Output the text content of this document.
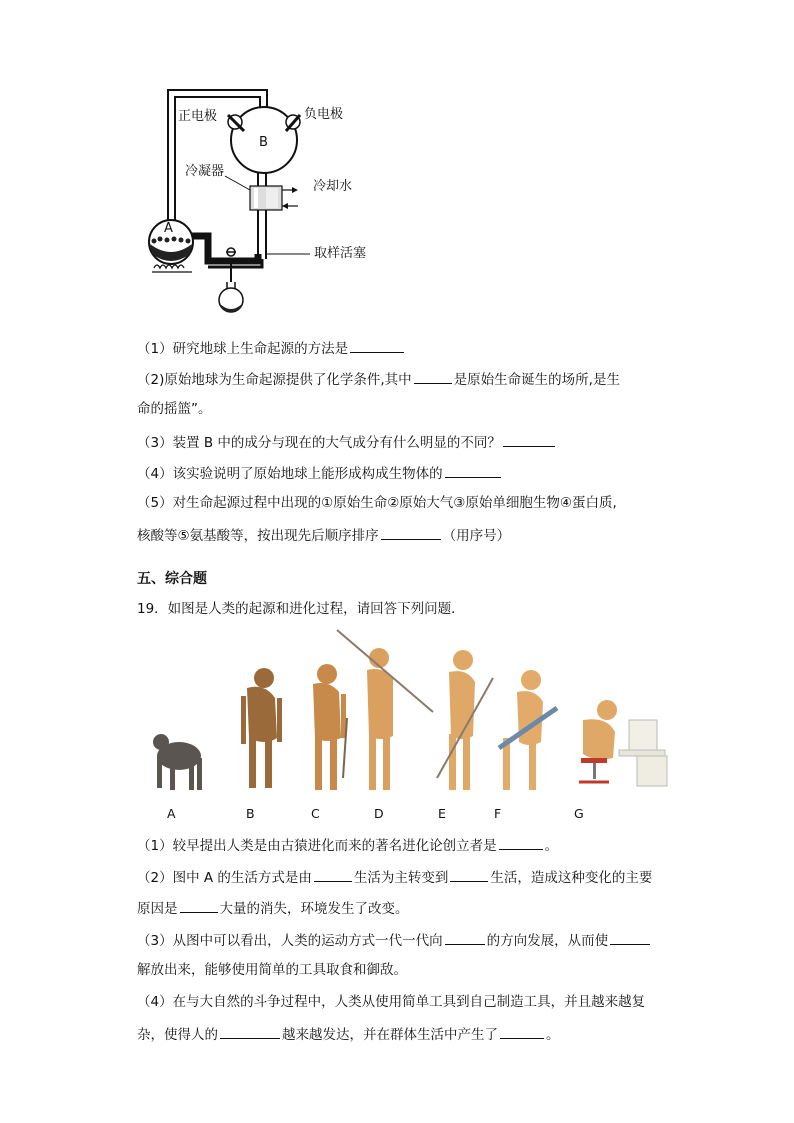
正电极	负电极
B
冷凝器
冷却水
A
取样活塞
C
（1）研究地球上生命起源的方法是
（2)原始地球为生命起源提供了化学条件,其中	是原始生命诞生的场所,是生
命的摇篮”。
（3）装置 B 中的成分与现在的大气成分有什么明显的不同？
（4）该实验说明了原始地球上能形成构成生物体的
（5）对生命起源过程中出现的①原始生命②原始大气③原始单细胞生物④蛋白质,
核酸等⑤氨基酸等，按出现先后顺序排序	（用序号）
五、综合题
19．如图是人类的起源和进化过程，请回答下列问题．
A	B	C	D	E	F	G
（1）较早提出人类是由古猿进化而来的著名进化论创立者是	。
（2）图中 A 的生活方式是由	生活为主转变到	生活，造成这种变化的主要
原因是	大量的消失，环境发生了改变。
（3）从图中可以看出，人类的运动方式一代一代向	的方向发展，从而使
解放出来，能够使用简单的工具取食和御敌。
（4）在与大自然的斗争过程中，人类从使用简单工具到自己制造工具，并且越来越复
杂，使得人的	越来越发达，并在群体生活中产生了	。
